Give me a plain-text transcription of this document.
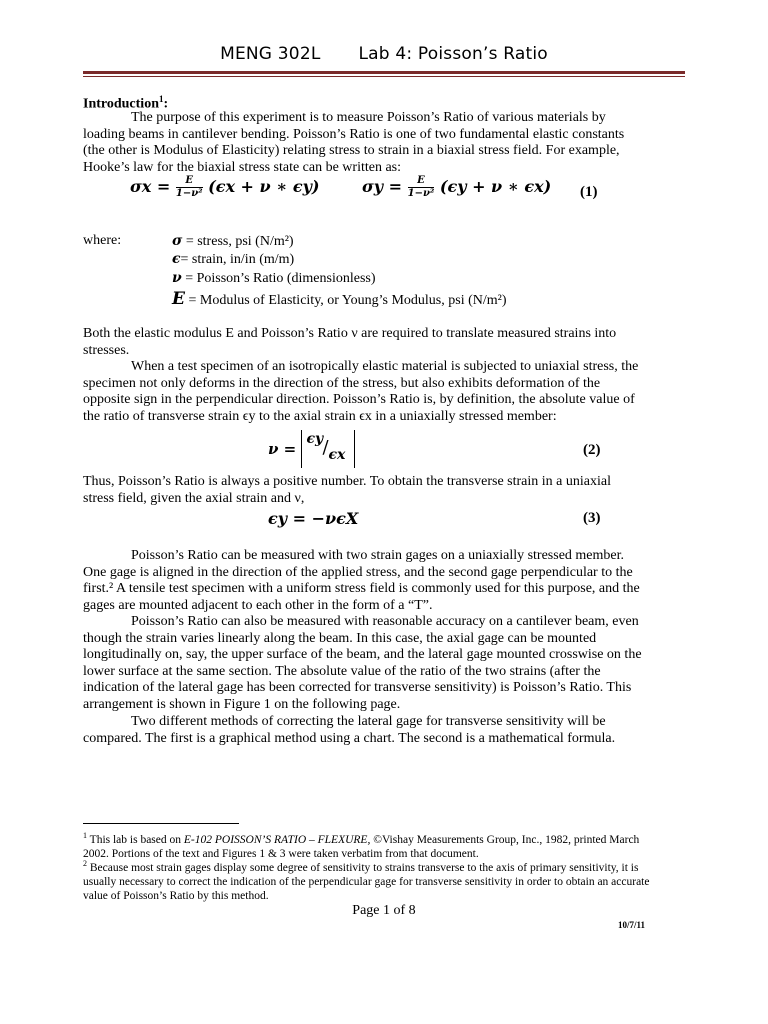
MENG 302L Lab 4: Poisson’s Ratio
Introduction$^1$:
The purpose of this experiment is to measure Poisson’s Ratio of various materials by loading beams in cantilever bending. Poisson’s Ratio is one of two fundamental elastic constants (the other is Modulus of Elasticity) relating stress to strain in a biaxial stress field. For example, Hooke’s law for the biaxial stress state can be written as:
$\sigma x = \frac{E}{\text{1−ν²}} (\epsilon x + \nu$ ∗ ϵy)	$\sigma y = \frac{E}{\text{1−ν²}} (\epsilon y + \nu$ ∗ ϵx) (1)
where:	σ = stress, psi (N/m²)
ϵ= strain, in/in (m/m)
ν = Poisson’s Ratio (dimensionless)
E = Modulus of Elasticity, or Young’s Modulus, psi (N/m²)
Both the elastic modulus E and Poisson’s Ratio ν are required to translate measured strains into stresses.
When a test specimen of an isotropically elastic material is subjected to uniaxial stress, the specimen not only deforms in the direction of the stress, but also exhibits deformation of the opposite sign in the perpendicular direction. Poisson’s Ratio is, by definition, the absolute value of the ratio of transverse strain ϵy to the axial strain ϵx in a uniaxially stressed member:
ν =
ϵy / ϵx	(2)
Thus, Poisson’s Ratio is always a positive number. To obtain the transverse strain in a uniaxial stress field, given the axial strain and ν,
ϵy = −νϵX	(3)
Poisson’s Ratio can be measured with two strain gages on a uniaxially stressed member. One gage is aligned in the direction of the applied stress, and the second gage perpendicular to the first.² A tensile test specimen with a uniform stress field is commonly used for this purpose, and the gages are mounted adjacent to each other in the form of a “T”.
Poisson’s Ratio can also be measured with reasonable accuracy on a cantilever beam, even though the strain varies linearly along the beam. In this case, the axial gage can be mounted longitudinally on, say, the upper surface of the beam, and the lateral gage mounted crosswise on the lower surface at the same section. The absolute value of the ratio of the two strains (after the indication of the lateral gage has been corrected for transverse sensitivity) is Poisson’s Ratio. This arrangement is shown in Figure 1 on the following page.
Two different methods of correcting the lateral gage for transverse sensitivity will be compared. The first is a graphical method using a chart. The second is a mathematical formula.
$^1$ This lab is based on E-102 POISSON’S RATIO – FLEXURE, ©Vishay Measurements Group, Inc., 1982, printed March 2002. Portions of the text and Figures 1 & 3 were taken verbatim from that document.
$^2$ Because most strain gages display some degree of sensitivity to strains transverse to the axis of primary sensitivity, it is usually necessary to correct the indication of the perpendicular gage for transverse sensitivity in order to obtain an accurate value of Poisson’s Ratio by this method.
Page 1 of 8
10/7/11
